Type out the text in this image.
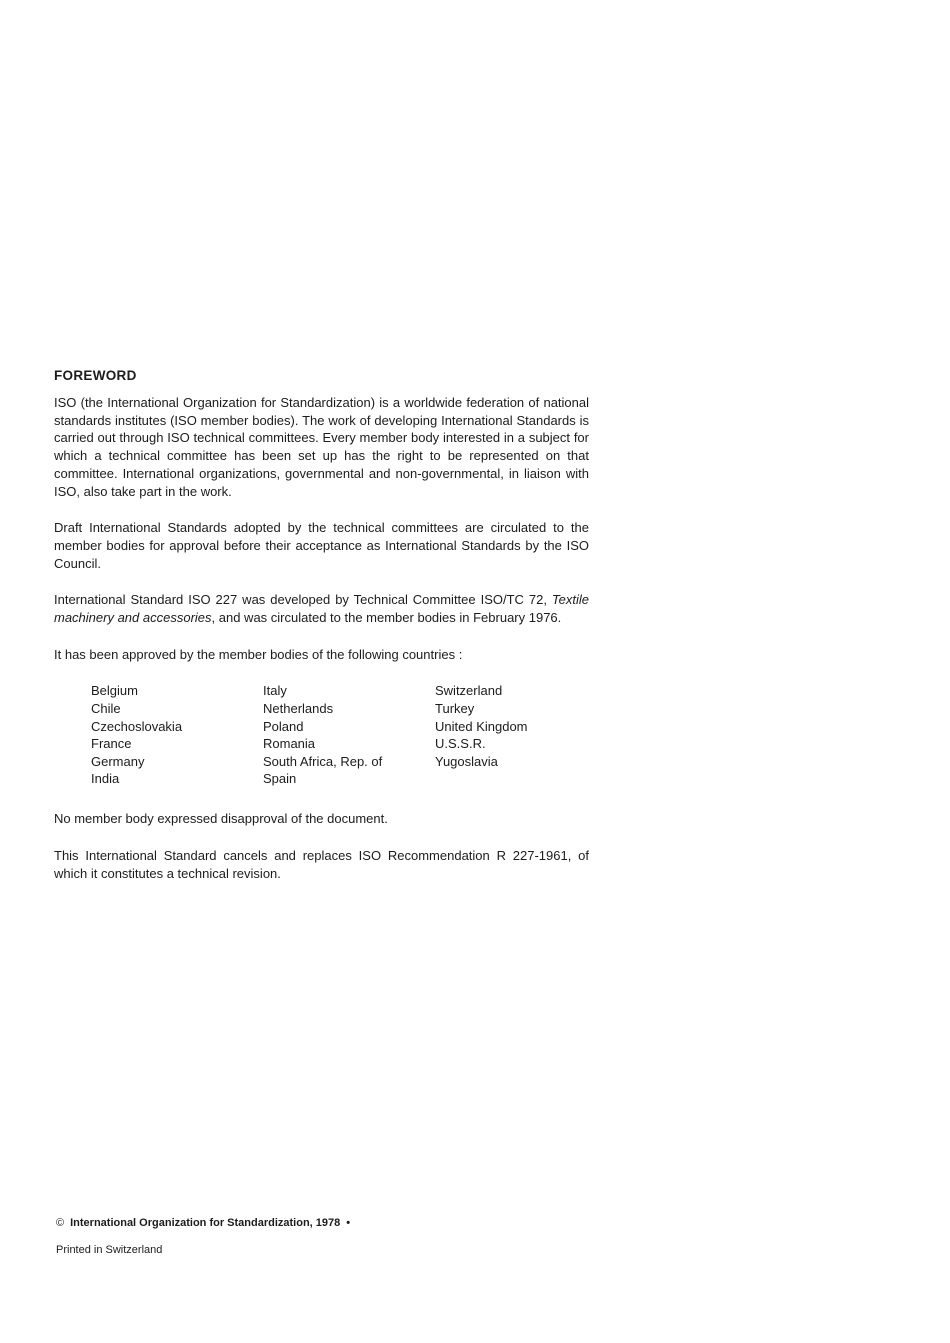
FOREWORD

ISO (the International Organization for Standardization) is a worldwide federation of national standards institutes (ISO member bodies). The work of developing International Standards is carried out through ISO technical committees. Every member body interested in a subject for which a technical committee has been set up has the right to be represented on that committee. International organizations, governmental and non-governmental, in liaison with ISO, also take part in the work.

Draft International Standards adopted by the technical committees are circulated to the member bodies for approval before their acceptance as International Standards by the ISO Council.

International Standard ISO 227 was developed by Technical Committee ISO/TC 72, Textile machinery and accessories, and was circulated to the member bodies in February 1976.

It has been approved by the member bodies of the following countries :

Belgium
Chile
Czechoslovakia
France
Germany
India
Italy
Netherlands
Poland
Romania
South Africa, Rep. of
Spain
Switzerland
Turkey
United Kingdom
U.S.S.R.
Yugoslavia

No member body expressed disapproval of the document.

This International Standard cancels and replaces ISO Recommendation R 227-1961, of which it constitutes a technical revision.

© International Organization for Standardization, 1978 •
Printed in Switzerland
